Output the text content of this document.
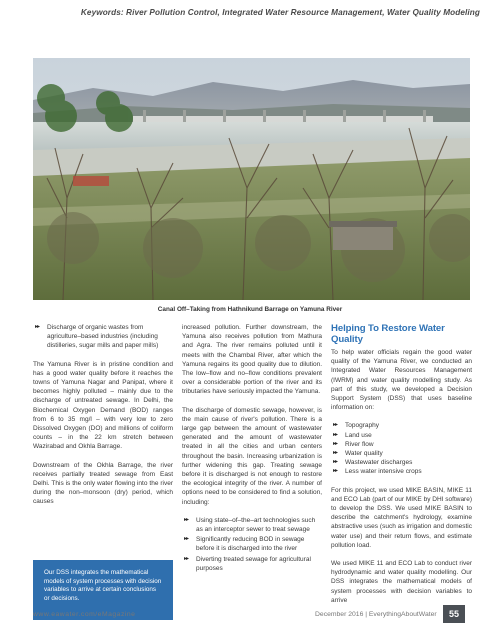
Keywords: River Pollution Control, Integrated Water Resource Management, Water Quality Modeling
Canal Off–Taking from Hathnikund Barrage on Yamuna River
▸▸ Discharge of organic wastes from agriculture–based industries (including distilleries, sugar mills and paper mills)

The Yamuna River is in pristine condition and has a good water quality before it reaches the towns of Yamuna Nagar and Panipat, where it becomes highly polluted – mainly due to the discharge of untreated sewage. In Delhi, the Biochemical Oxygen Demand (BOD) ranges from 6 to 35 mg/l – with very low to zero Dissolved Oxygen (DO) and millions of coliform counts – in the 22 km stretch between Wazirabad and Okhla Barrage.

Downstream of the Okhla Barrage, the river receives partially treated sewage from East Delhi. This is the only water flowing into the river during the non–monsoon (dry) period, which causes

Our DSS integrates the mathematical models of system processes with decision variables to arrive at certain conclusions or decisions.

increased pollution. Further downstream, the Yamuna also receives pollution from Mathura and Agra. The river remains polluted until it meets with the Chambal River, after which the Yamuna regains its good quality due to dilution. The low–flow and no–flow conditions prevalent over a considerable portion of the river and its tributaries have seriously impacted the Yamuna.

The discharge of domestic sewage, however, is the main cause of river's pollution. There is a large gap between the amount of wastewater generated and the amount of wastewater treated in all the cities and urban centers throughout the basin. Increasing urbanization is further widening this gap. Treating sewage before it is discharged is not enough to restore the ecological integrity of the river. A number of options need to be considered to find a solution, including:

▸▸ Using state–of–the–art technologies such as an interceptor sewer to treat sewage
▸▸ Significantly reducing BOD in sewage before it is discharged into the river
▸▸ Diverting treated sewage for agricultural purposes
Helping To Restore Water Quality

To help water officials regain the good water quality of the Yamuna River, we conducted an Integrated Water Resources Management (IWRM) and water quality modelling study. As part of this study, we developed a Decision Support System (DSS) that uses baseline information on:

▸▸ Topography
▸▸ Land use
▸▸ River flow
▸▸ Water quality
▸▸ Wastewater discharges
▸▸ Less water intensive crops

For this project, we used MIKE BASIN, MIKE 11 and ECO Lab (part of our MIKE by DHI software) to develop the DSS. We used MIKE BASIN to describe the catchment's hydrology, examine abstractive uses (such as irrigation and domestic water use) and their return flows, and estimate pollution load.

We used MIKE 11 and ECO Lab to conduct river hydrodynamic and water quality modelling. Our DSS integrates the mathematical models of system processes with decision variables to arrive

www.eawater.com/eMagazine	December 2016 | EverythingAboutWater	55
